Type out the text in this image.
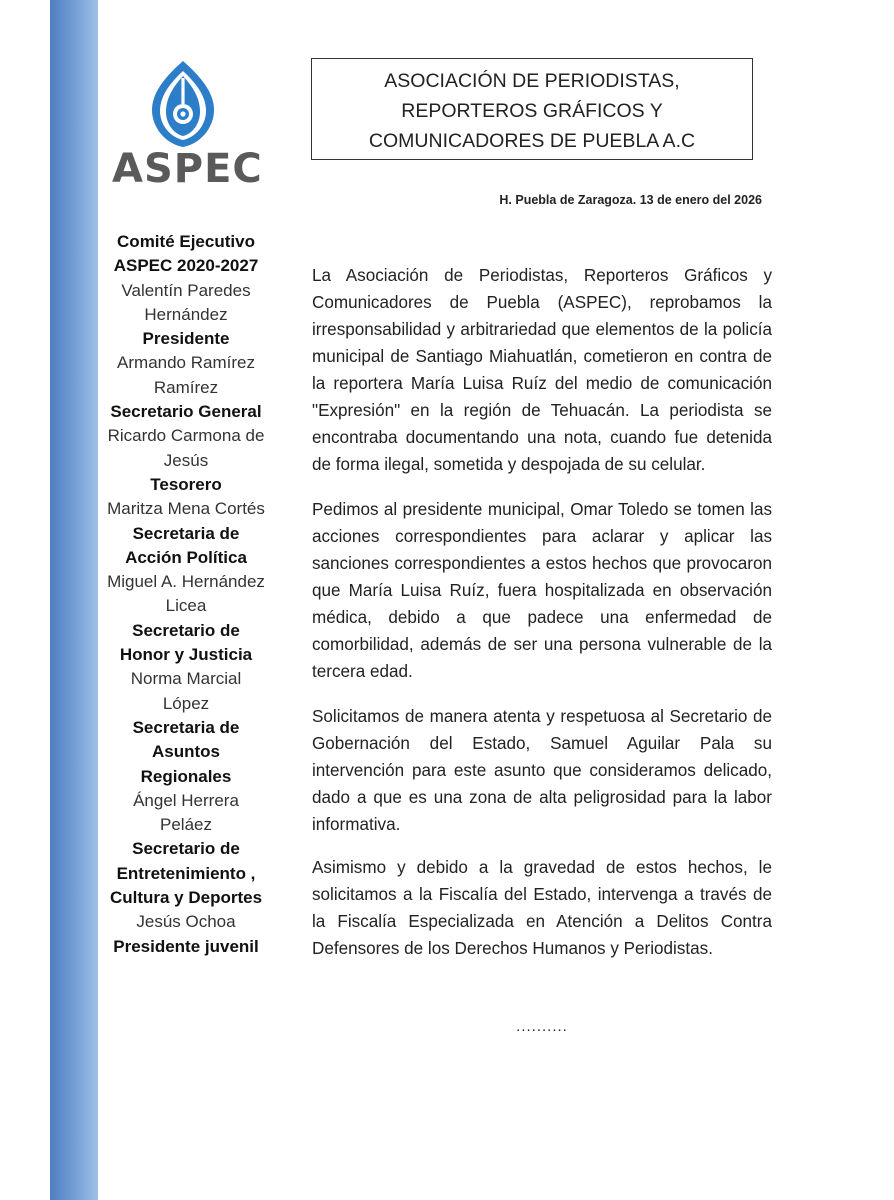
ASPEC
Comité Ejecutivo ASPEC 2020-2027
Valentín Paredes Hernández
Presidente
Armando Ramírez Ramírez
Secretario General
Ricardo Carmona de Jesús
Tesorero
Maritza Mena Cortés
Secretaria de Acción Política
Miguel A. Hernández Licea
Secretario de Honor y Justicia
Norma Marcial López
Secretaria de Asuntos Regionales
Ángel Herrera Peláez
Secretario de Entretenimiento , Cultura y Deportes
Jesús Ochoa
Presidente juvenil
ASOCIACIÓN DE PERIODISTAS,
REPORTEROS GRÁFICOS Y
COMUNICADORES DE PUEBLA A.C
H. Puebla de Zaragoza. 13 de enero del 2026

La Asociación de Periodistas, Reporteros Gráficos y Comunicadores de Puebla (ASPEC), reprobamos la irresponsabilidad y arbitrariedad que elementos de la policía municipal de Santiago Miahuatlán, cometieron en contra de la reportera María Luisa Ruíz del medio de comunicación "Expresión" en la región de Tehuacán. La periodista se encontraba documentando una nota, cuando fue detenida de forma ilegal, sometida y despojada de su celular.

Pedimos al presidente municipal, Omar Toledo se tomen las acciones correspondientes para aclarar y aplicar las sanciones correspondientes a estos hechos que provocaron que María Luisa Ruíz, fuera hospitalizada en observación médica, debido a que padece una enfermedad de comorbilidad, además de ser una persona vulnerable de la tercera edad.

Solicitamos de manera atenta y respetuosa al Secretario de Gobernación del Estado, Samuel Aguilar Pala su intervención para este asunto que consideramos delicado, dado a que es una zona de alta peligrosidad para la labor informativa.

Asimismo y debido a la gravedad de estos hechos, le solicitamos a la Fiscalía del Estado, intervenga a través de la Fiscalía Especializada en Atención a Delitos Contra Defensores de los Derechos Humanos y Periodistas.

..........
